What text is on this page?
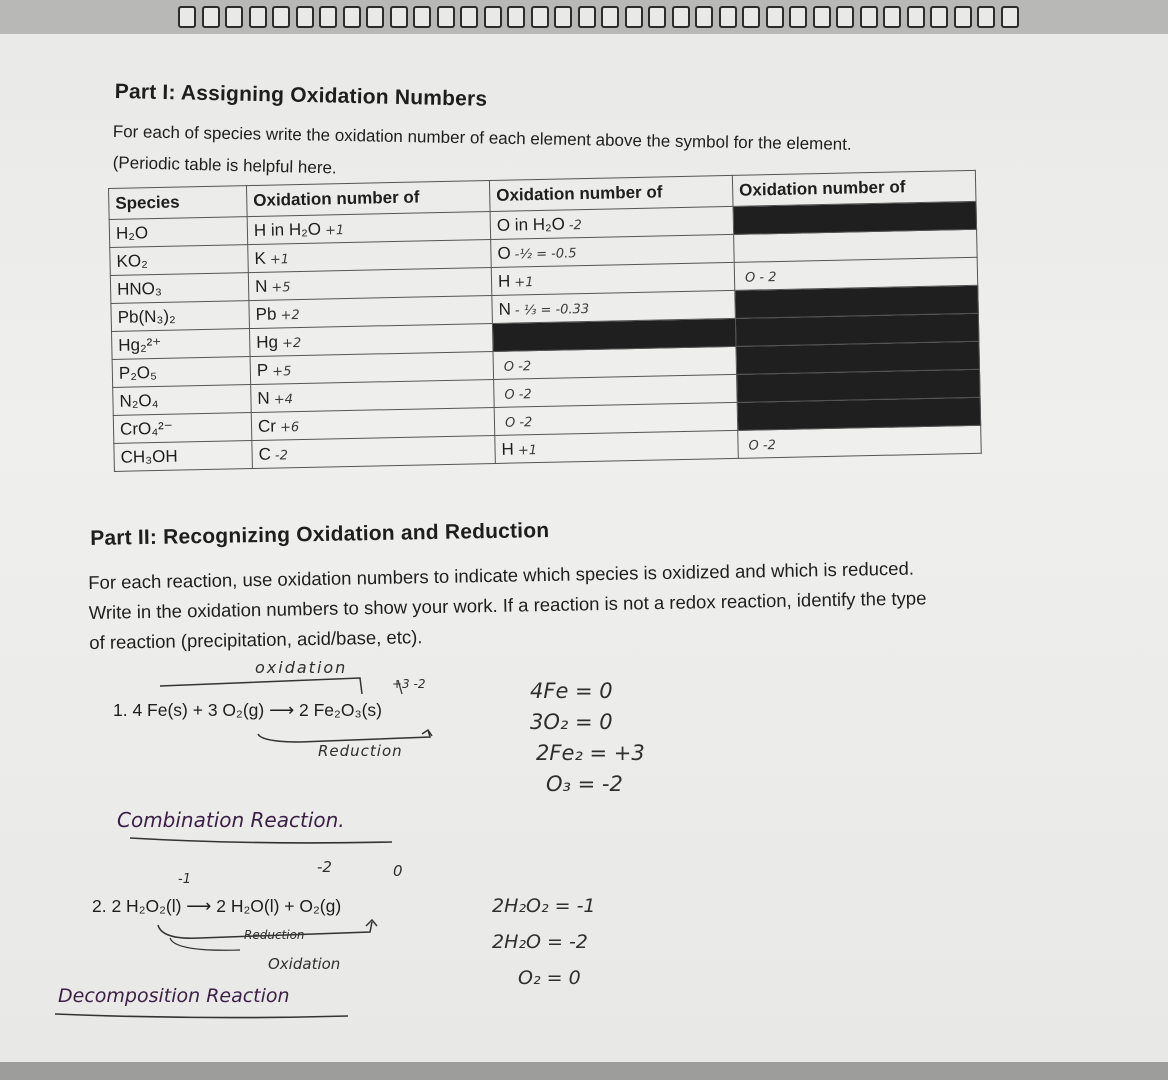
Part I: Assigning Oxidation Numbers
For each of species write the oxidation number of each element above the symbol for the element.
(Periodic table is helpful here.
Species	Oxidation number of	Oxidation number of	Oxidation number of
H₂O	H in H₂O +1	O in H₂O -2	
KO₂	K +1	O -½ = -0.5	
HNO₃	N +5	H +1	O - 2
Pb(N₃)₂	Pb +2	N - ⅓ = -0.33	
Hg₂²⁺	Hg +2		
P₂O₅	P +5	O -2	
N₂O₄	N +4	O -2	
CrO₄²⁻	Cr +6	O -2	
CH₃OH	C -2	H +1	O -2
Part II: Recognizing Oxidation and Reduction
For each reaction, use oxidation numbers to indicate which species is oxidized and which is reduced.
Write in the oxidation numbers to show your work. If a reaction is not a redox reaction, identify the type
of reaction (precipitation, acid/base, etc).
oxidation
+3 -2
1. 4 Fe(s) + 3 O₂(g) ⟶ 2 Fe₂O₃(s)
Reduction
Combination Reaction.
4Fe = 0
3O₂ = 0
2Fe₂ = +3
O₃ = -2
-1
-2	0
2. 2 H₂O₂(l) ⟶ 2 H₂O(l) + O₂(g)
Reduction
Oxidation
Decomposition Reaction
2H₂O₂ = -1
2H₂O = -2
O₂ = 0
